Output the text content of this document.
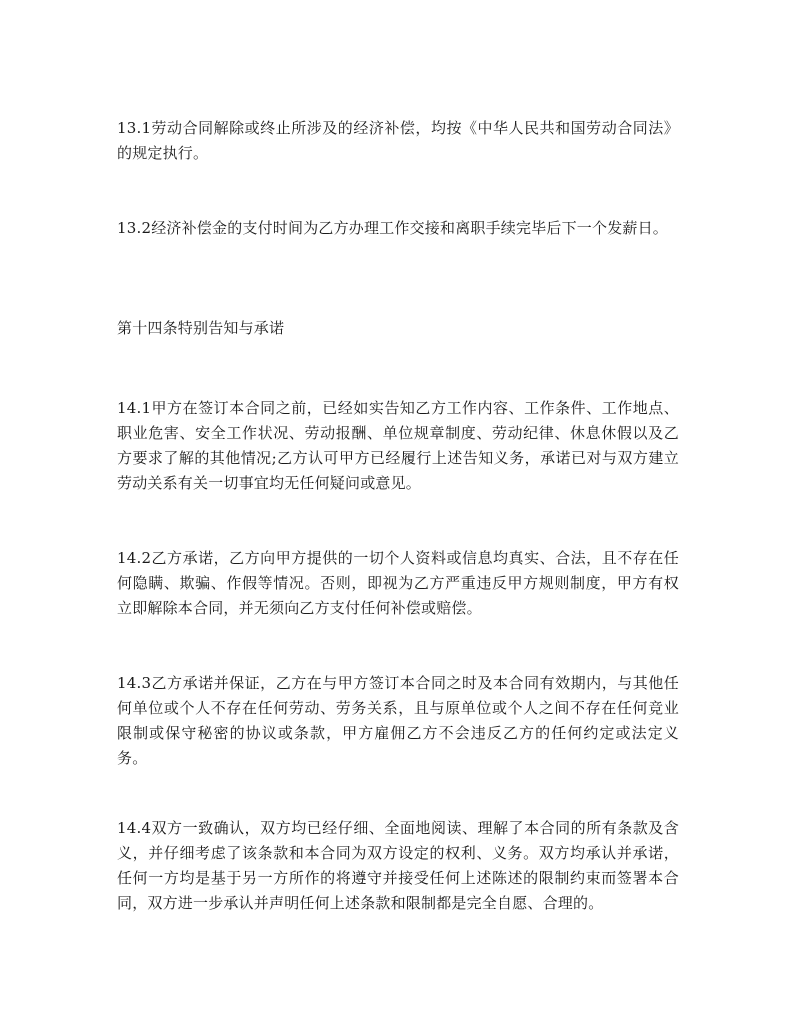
13.1劳动合同解除或终止所涉及的经济补偿，均按《中华人民共和国劳动合同法》的规定执行。

13.2经济补偿金的支付时间为乙方办理工作交接和离职手续完毕后下一个发薪日。

第十四条特别告知与承诺

14.1甲方在签订本合同之前，已经如实告知乙方工作内容、工作条件、工作地点、职业危害、安全工作状况、劳动报酬、单位规章制度、劳动纪律、休息休假以及乙方要求了解的其他情况;乙方认可甲方已经履行上述告知义务，承诺已对与双方建立劳动关系有关一切事宜均无任何疑问或意见。

14.2乙方承诺，乙方向甲方提供的一切个人资料或信息均真实、合法，且不存在任何隐瞒、欺骗、作假等情况。否则，即视为乙方严重违反甲方规则制度，甲方有权立即解除本合同，并无须向乙方支付任何补偿或赔偿。

14.3乙方承诺并保证，乙方在与甲方签订本合同之时及本合同有效期内，与其他任何单位或个人不存在任何劳动、劳务关系，且与原单位或个人之间不存在任何竞业限制或保守秘密的协议或条款，甲方雇佣乙方不会违反乙方的任何约定或法定义务。

14.4双方一致确认，双方均已经仔细、全面地阅读、理解了本合同的所有条款及含义，并仔细考虑了该条款和本合同为双方设定的权利、义务。双方均承认并承诺，任何一方均是基于另一方所作的将遵守并接受任何上述陈述的限制约束而签署本合同，双方进一步承认并声明任何上述条款和限制都是完全自愿、合理的。
